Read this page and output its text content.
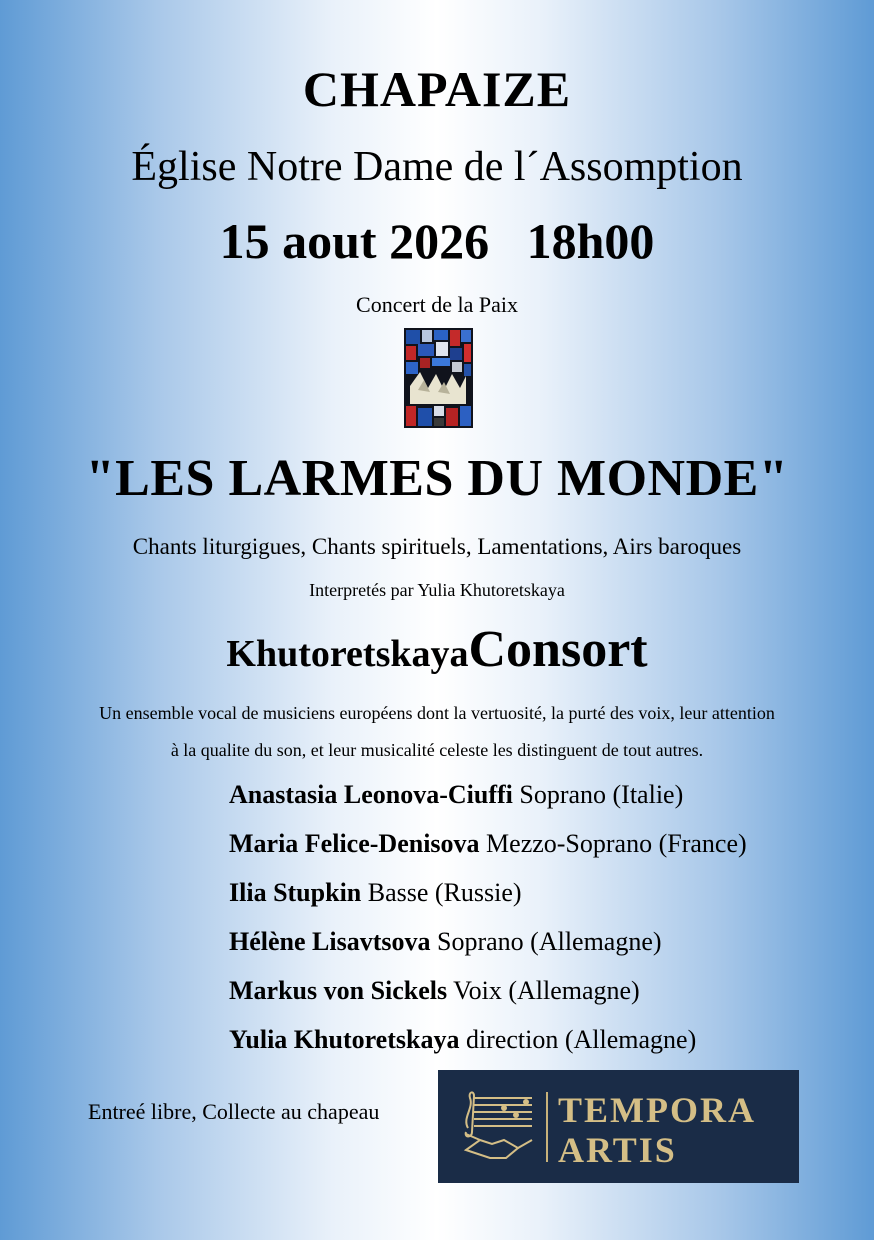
CHAPAIZE
Église Notre Dame de l´Assomption
15 aout 2026   18h00
Concert de la Paix
"LES LARMES DU MONDE"
Chants liturgigues, Chants spirituels, Lamentations, Airs baroques
Interpretés par Yulia Khutoretskaya
KhutoretskayaConsort
Un ensemble vocal de musiciens européens dont la vertuosité, la purté des voix, leur attention
à la qualite du son, et leur musicalité celeste les distinguent de tout autres.
Anastasia Leonova-Ciuffi Soprano (Italie)
Maria Felice-Denisova Mezzo-Soprano (France)
Ilia Stupkin Basse (Russie)
Hélène Lisavtsova Soprano (Allemagne)
Markus von Sickels Voix (Allemagne)
Yulia Khutoretskaya direction (Allemagne)
Entreé libre, Collecte au chapeau	TEMPORA
ARTIS
